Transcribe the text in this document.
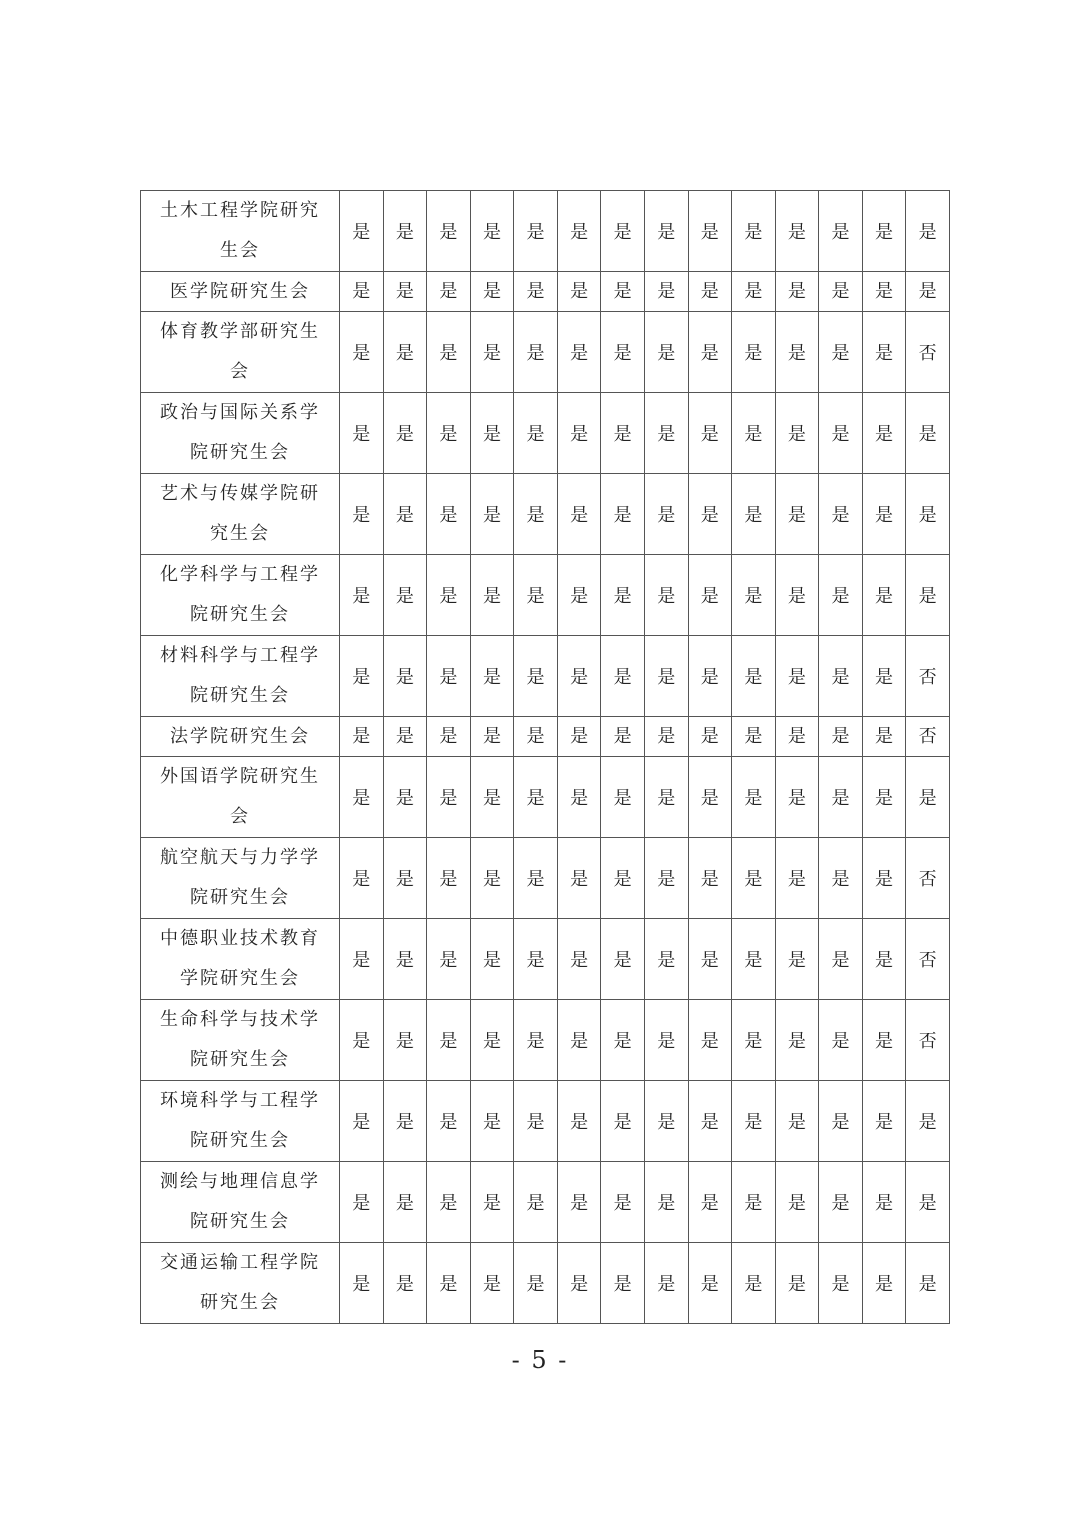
土木工程学院研究生会	是	是	是	是	是	是	是	是	是	是	是	是	是	是
医学院研究生会	是	是	是	是	是	是	是	是	是	是	是	是	是	是
体育教学部研究生会	是	是	是	是	是	是	是	是	是	是	是	是	是	否
政治与国际关系学院研究生会	是	是	是	是	是	是	是	是	是	是	是	是	是	是
艺术与传媒学院研究生会	是	是	是	是	是	是	是	是	是	是	是	是	是	是
化学科学与工程学院研究生会	是	是	是	是	是	是	是	是	是	是	是	是	是	是
材料科学与工程学院研究生会	是	是	是	是	是	是	是	是	是	是	是	是	是	否
法学院研究生会	是	是	是	是	是	是	是	是	是	是	是	是	是	否
外国语学院研究生会	是	是	是	是	是	是	是	是	是	是	是	是	是	是
航空航天与力学学院研究生会	是	是	是	是	是	是	是	是	是	是	是	是	是	否
中德职业技术教育学院研究生会	是	是	是	是	是	是	是	是	是	是	是	是	是	否
生命科学与技术学院研究生会	是	是	是	是	是	是	是	是	是	是	是	是	是	否
环境科学与工程学院研究生会	是	是	是	是	是	是	是	是	是	是	是	是	是	是
测绘与地理信息学院研究生会	是	是	是	是	是	是	是	是	是	是	是	是	是	是
交通运输工程学院研究生会	是	是	是	是	是	是	是	是	是	是	是	是	是	是
- 5 -
